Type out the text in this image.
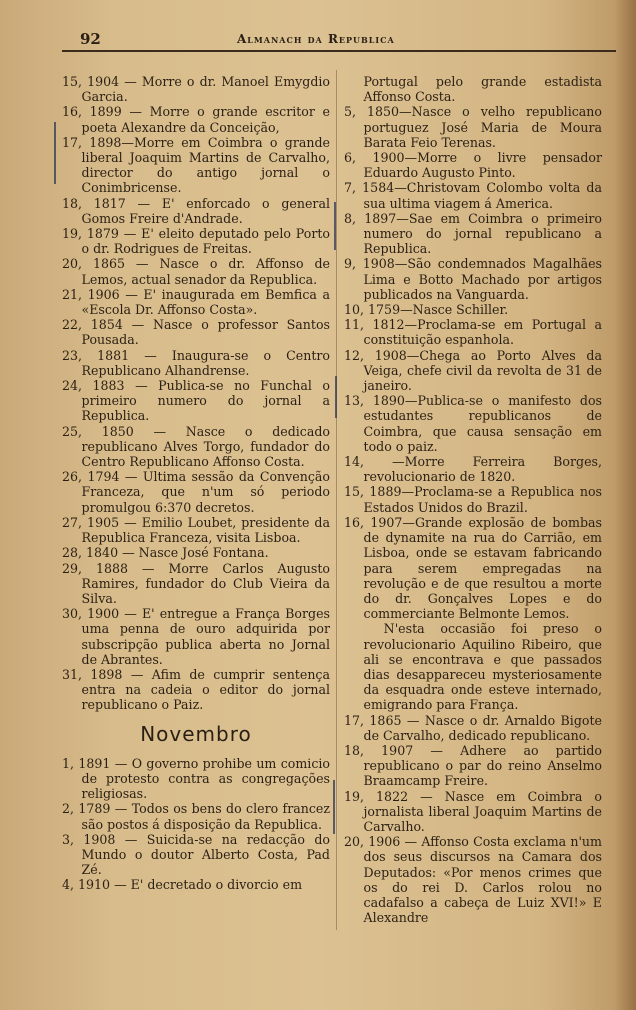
92	Almanach da Republica

15, 1904 — Morre o dr. Manoel Emygdio Garcia.

16, 1899 — Morre o grande escritor e poeta Alexandre da Conceição,

17, 1898—Morre em Coimbra o grande liberal Joaquim Martins de Carvalho, director do antigo jornal o Conimbricense.

18, 1817 — E' enforcado o general Gomos Freire d'Andrade.

19, 1879 — E' eleito deputado pelo Porto o dr. Rodrigues de Freitas.

20, 1865 — Nasce o dr. Affonso de Lemos, actual senador da Republica.

21, 1906 — E' inaugurada em Bemfica a «Escola Dr. Affonso Costa».

22, 1854 — Nasce o professor Santos Pousada.

23, 1881 — Inaugura-se o Centro Republicano Alhandrense.

24, 1883 — Publica-se no Funchal o primeiro numero do jornal a Republica.

25, 1850 — Nasce o dedicado republicano Alves Torgo, fundador do Centro Republicano Affonso Costa.

26, 1794 — Ultima sessão da Convenção Franceza, que n'um só periodo promulgou 6:370 decretos.

27, 1905 — Emilio Loubet, presidente da Republica Franceza, visita Lisboa.

28, 1840 — Nasce José Fontana.

29, 1888 — Morre Carlos Augusto Ramires, fundador do Club Vieira da Silva.

30, 1900 — E' entregue a França Borges uma penna de ouro adquirida por subscripção publica aberta no Jornal de Abrantes.

31, 1898 — Afim de cumprir sentença entra na cadeia o editor do jornal republicano o Paiz.

Novembro

1, 1891 — O governo prohibe um comicio de protesto contra as congregações religiosas.

2, 1789 — Todos os bens do clero francez são postos á disposição da Republica.

3, 1908 — Suicida-se na redacção do Mundo o doutor Alberto Costa, Pad Zé.

4, 1910 — E' decretado o divorcio em

Portugal pelo grande estadista Affonso Costa.

5, 1850—Nasce o velho republicano portuguez José Maria de Moura Barata Feio Terenas.

6, 1900—Morre o livre pensador Eduardo Augusto Pinto.

7, 1584—Christovam Colombo volta da sua ultima viagem á America.

8, 1897—Sae em Coimbra o primeiro numero do jornal republicano a Republica.

9, 1908—São condemnados Magalhães Lima e Botto Machado por artigos publicados na Vanguarda.

10, 1759—Nasce Schiller.

11, 1812—Proclama-se em Portugal a constituição espanhola.

12, 1908—Chega ao Porto Alves da Veiga, chefe civil da revolta de 31 de janeiro.

13, 1890—Publica-se o manifesto dos estudantes republicanos de Coimbra, que causa sensação em todo o paiz.

14, —Morre Ferreira Borges, revolucionario de 1820.

15, 1889—Proclama-se a Republica nos Estados Unidos do Brazil.

16, 1907—Grande explosão de bombas de dynamite na rua do Carrião, em Lisboa, onde se estavam fabricando para serem empregadas na revolução e de que resultou a morte do dr. Gonçalves Lopes e do commerciante Belmonte Lemos.

N'esta occasião foi preso o revolucionario Aquilino Ribeiro, que ali se encontrava e que passados dias desappareceu mysteriosamente da esquadra onde esteve internado, emigrando para França.

17, 1865 — Nasce o dr. Arnaldo Bigote de Carvalho, dedicado republicano.

18, 1907 — Adhere ao partido republicano o par do reino Anselmo Braamcamp Freire.

19, 1822 — Nasce em Coimbra o jornalista liberal Joaquim Martins de Carvalho.

20, 1906 — Affonso Costa exclama n'um dos seus discursos na Camara dos Deputados: «Por menos crimes que os do rei D. Carlos rolou no cadafalso a cabeça de Luiz XVI!» E Alexandre
